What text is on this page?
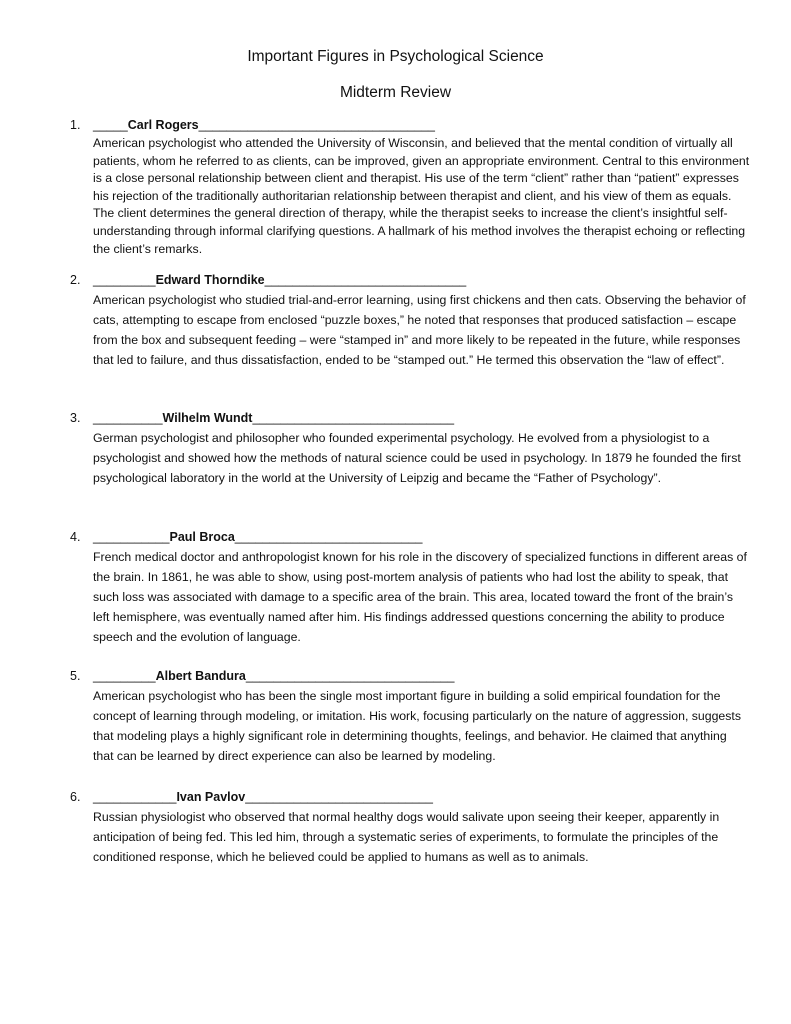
Important Figures in Psychological Science
Midterm Review
1. _____Carl Rogers__________________________________
American psychologist who attended the University of Wisconsin, and believed that the mental condition of virtually all patients, whom he referred to as clients, can be improved, given an appropriate environment. Central to this environment is a close personal relationship between client and therapist. His use of the term “client” rather than “patient” expresses his rejection of the traditionally authoritarian relationship between therapist and client, and his view of them as equals. The client determines the general direction of therapy, while the therapist seeks to increase the client’s insightful self-understanding through informal clarifying questions. A hallmark of his method involves the therapist echoing or reflecting the client’s remarks.
2. _________Edward Thorndike_____________________________
American psychologist who studied trial-and-error learning, using first chickens and then cats. Observing the behavior of cats, attempting to escape from enclosed “puzzle boxes,” he noted that responses that produced satisfaction – escape from the box and subsequent feeding – were “stamped in” and more likely to be repeated in the future, while responses that led to failure, and thus dissatisfaction, ended to be “stamped out.” He termed this observation the “law of effect”.
3. __________Wilhelm Wundt_____________________________
German psychologist and philosopher who founded experimental psychology. He evolved from a physiologist to a psychologist and showed how the methods of natural science could be used in psychology. In 1879 he founded the first psychological laboratory in the world at the University of Leipzig and became the “Father of Psychology”.
4. ___________Paul Broca___________________________
French medical doctor and anthropologist known for his role in the discovery of specialized functions in different areas of the brain. In 1861, he was able to show, using post-mortem analysis of patients who had lost the ability to speak, that such loss was associated with damage to a specific area of the brain. This area, located toward the front of the brain’s left hemisphere, was eventually named after him. His findings addressed questions concerning the ability to produce speech and the evolution of language.
5. _________Albert Bandura______________________________
American psychologist who has been the single most important figure in building a solid empirical foundation for the concept of learning through modeling, or imitation. His work, focusing particularly on the nature of aggression, suggests that modeling plays a highly significant role in determining thoughts, feelings, and behavior. He claimed that anything that can be learned by direct experience can also be learned by modeling.
6. ____________Ivan Pavlov___________________________
Russian physiologist who observed that normal healthy dogs would salivate upon seeing their keeper, apparently in anticipation of being fed. This led him, through a systematic series of experiments, to formulate the principles of the conditioned response, which he believed could be applied to humans as well as to animals.
